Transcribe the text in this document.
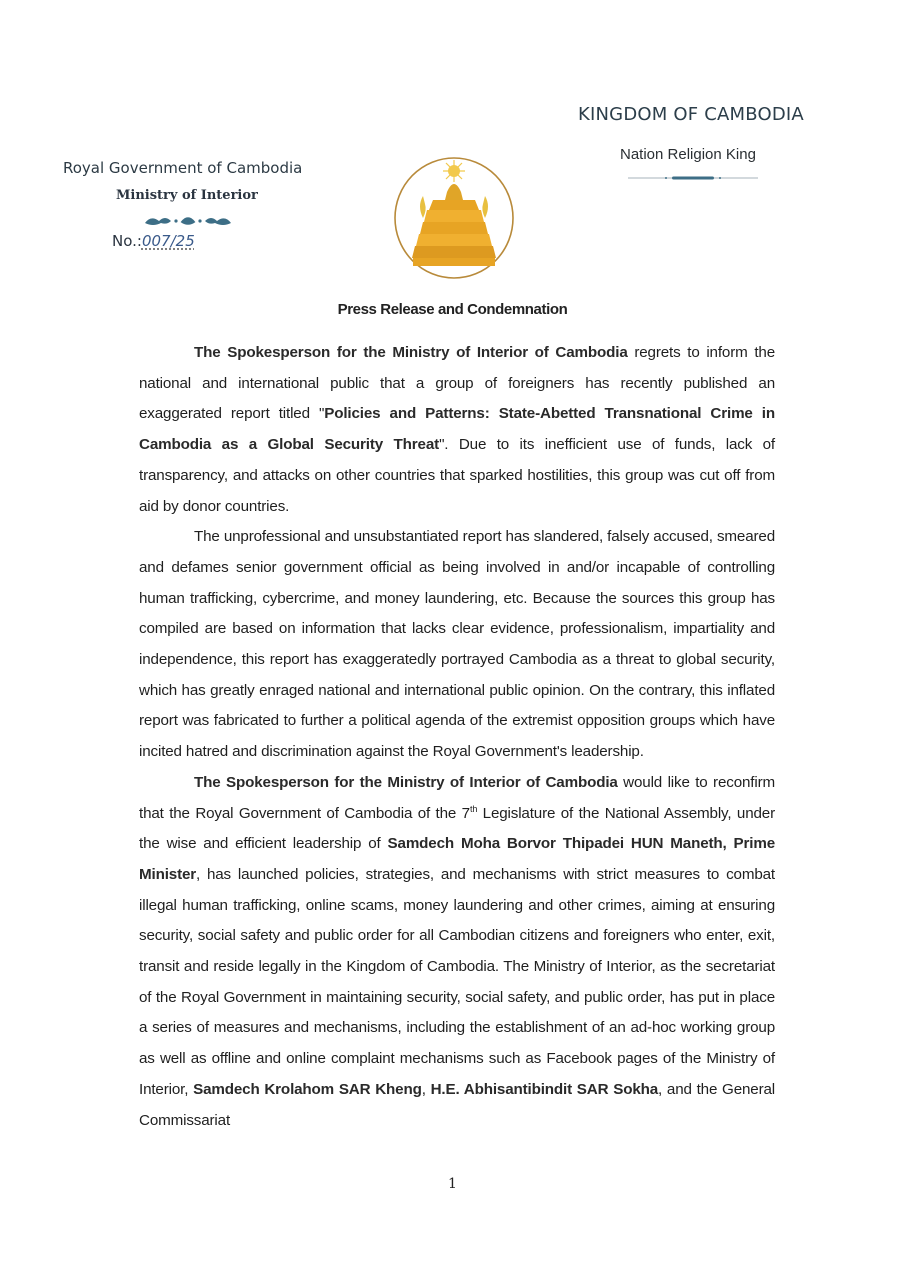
KINGDOM OF CAMBODIA
Nation Religion King
Royal Government of Cambodia
Ministry of Interior
No.:007/25
Press Release and Condemnation

The Spokesperson for the Ministry of Interior of Cambodia regrets to inform the national and international public that a group of foreigners has recently published an exaggerated report titled "Policies and Patterns: State-Abetted Transnational Crime in Cambodia as a Global Security Threat". Due to its inefficient use of funds, lack of transparency, and attacks on other countries that sparked hostilities, this group was cut off from aid by donor countries.

The unprofessional and unsubstantiated report has slandered, falsely accused, smeared and defames senior government official as being involved in and/or incapable of controlling human trafficking, cybercrime, and money laundering, etc. Because the sources this group has compiled are based on information that lacks clear evidence, professionalism, impartiality and independence, this report has exaggeratedly portrayed Cambodia as a threat to global security, which has greatly enraged national and international public opinion. On the contrary, this inflated report was fabricated to further a political agenda of the extremist opposition groups which have incited hatred and discrimination against the Royal Government's leadership.

The Spokesperson for the Ministry of Interior of Cambodia would like to reconfirm that the Royal Government of Cambodia of the 7th Legislature of the National Assembly, under the wise and efficient leadership of Samdech Moha Borvor Thipadei HUN Maneth, Prime Minister, has launched policies, strategies, and mechanisms with strict measures to combat illegal human trafficking, online scams, money laundering and other crimes, aiming at ensuring security, social safety and public order for all Cambodian citizens and foreigners who enter, exit, transit and reside legally in the Kingdom of Cambodia. The Ministry of Interior, as the secretariat of the Royal Government in maintaining security, social safety, and public order, has put in place a series of measures and mechanisms, including the establishment of an ad-hoc working group as well as offline and online complaint mechanisms such as Facebook pages of the Ministry of Interior, Samdech Krolahom SAR Kheng, H.E. Abhisantibindit SAR Sokha, and the General Commissariat

1
